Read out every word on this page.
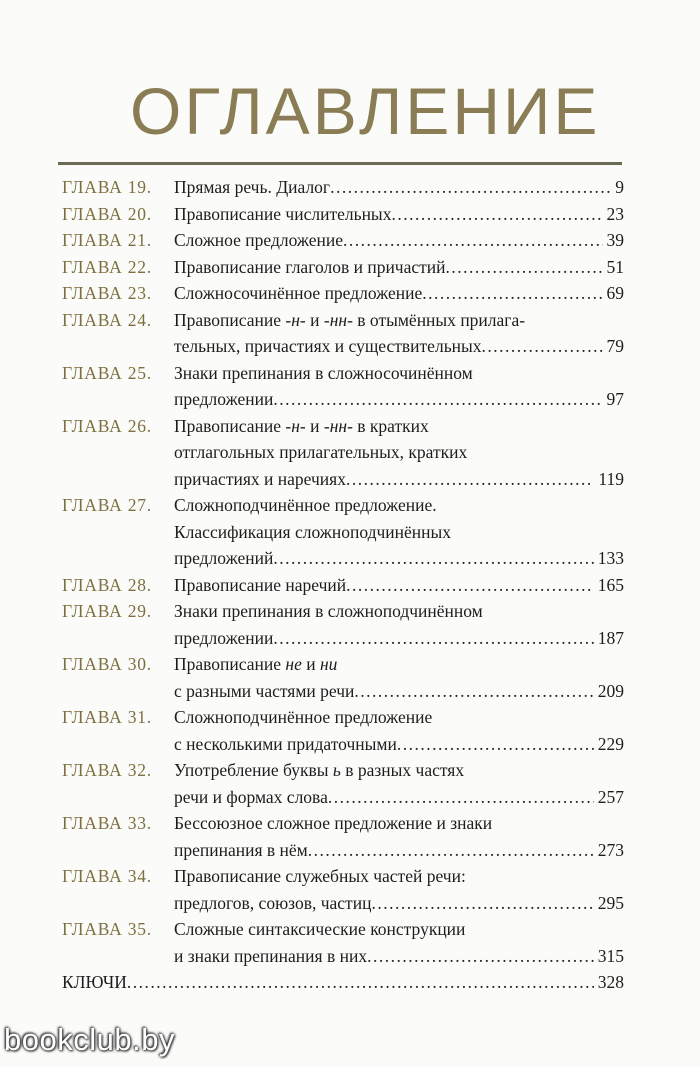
ОГЛАВЛЕНИЕ
ГЛАВА 19.	Прямая речь. Диалог .....	9
ГЛАВА 20.	Правописание числительных .....	23
ГЛАВА 21.	Сложное предложение .....	39
ГЛАВА 22.	Правописание глаголов и причастий .....	51
ГЛАВА 23.	Сложносочинённое предложение .....	69
ГЛАВА 24.	Правописание -н- и -нн- в отымённых прилага-
тельных, причастиях и существительных .....	79
ГЛАВА 25.	Знаки препинания в сложносочинённом
предложении .....	97
ГЛАВА 26.	Правописание -н- и -нн- в кратких
отглагольных прилагательных, кратких
причастиях и наречиях .....	119
ГЛАВА 27.	Сложноподчинённое предложение.
Классификация сложноподчинённых
предложений .....	133
ГЛАВА 28.	Правописание наречий .....	165
ГЛАВА 29.	Знаки препинания в сложноподчинённом
предложении .....	187
ГЛАВА 30.	Правописание не и ни
с разными частями речи .....	209
ГЛАВА 31.	Сложноподчинённое предложение
с несколькими придаточными .....	229
ГЛАВА 32.	Употребление буквы ь в разных частях
речи и формах слова .....	257
ГЛАВА 33.	Бессоюзное сложное предложение и знаки
препинания в нём .....	273
ГЛАВА 34.	Правописание служебных частей речи:
предлогов, союзов, частиц .....	295
ГЛАВА 35.	Сложные синтаксические конструкции
и знаки препинания в них .....	315
КЛЮЧИ .....	328
bookclub.by
